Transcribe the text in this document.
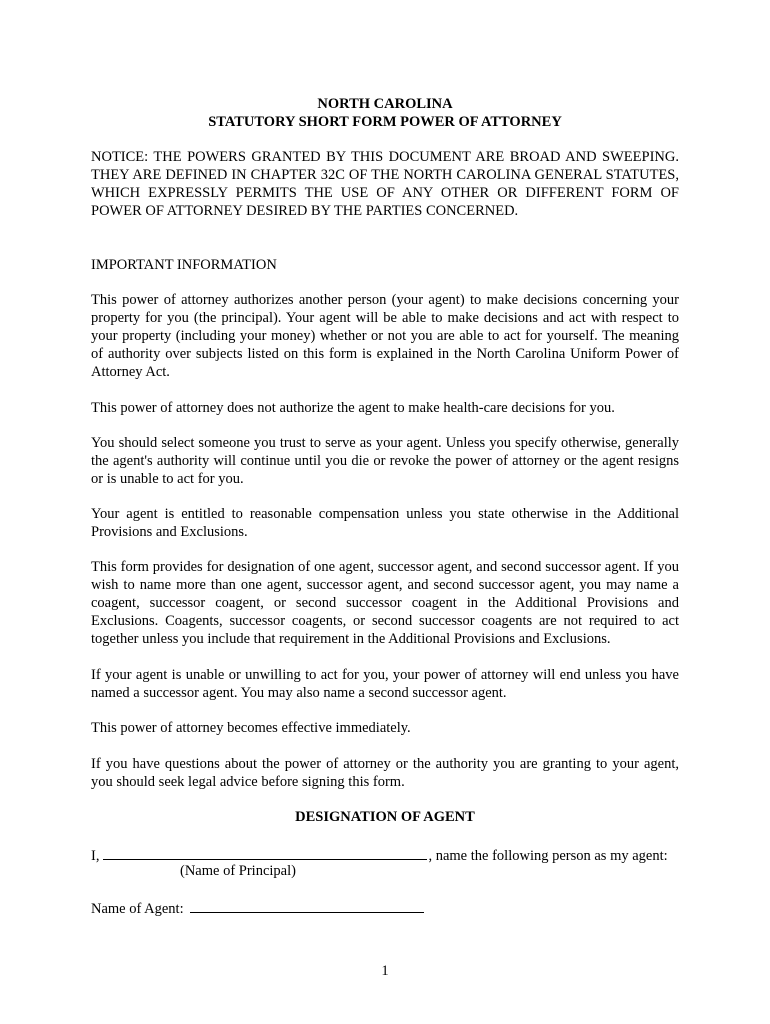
NORTH CAROLINA
STATUTORY SHORT FORM POWER OF ATTORNEY
NOTICE: THE POWERS GRANTED BY THIS DOCUMENT ARE BROAD AND SWEEPING. THEY ARE DEFINED IN CHAPTER 32C OF THE NORTH CAROLINA GENERAL STATUTES, WHICH EXPRESSLY PERMITS THE USE OF ANY OTHER OR DIFFERENT FORM OF POWER OF ATTORNEY DESIRED BY THE PARTIES CONCERNED.
IMPORTANT INFORMATION
This power of attorney authorizes another person (your agent) to make decisions concerning your property for you (the principal). Your agent will be able to make decisions and act with respect to your property (including your money) whether or not you are able to act for yourself. The meaning of authority over subjects listed on this form is explained in the North Carolina Uniform Power of Attorney Act.
This power of attorney does not authorize the agent to make health-care decisions for you.
You should select someone you trust to serve as your agent. Unless you specify otherwise, generally the agent's authority will continue until you die or revoke the power of attorney or the agent resigns or is unable to act for you.
Your agent is entitled to reasonable compensation unless you state otherwise in the Additional Provisions and Exclusions.
This form provides for designation of one agent, successor agent, and second successor agent. If you wish to name more than one agent, successor agent, and second successor agent, you may name a coagent, successor coagent, or second successor coagent in the Additional Provisions and Exclusions. Coagents, successor coagents, or second successor coagents are not required to act together unless you include that requirement in the Additional Provisions and Exclusions.
If your agent is unable or unwilling to act for you, your power of attorney will end unless you have named a successor agent. You may also name a second successor agent.
This power of attorney becomes effective immediately.
If you have questions about the power of attorney or the authority you are granting to your agent, you should seek legal advice before signing this form.
DESIGNATION OF AGENT
I,	, name the following person as my agent:
(Name of Principal)
Name of Agent:
1
